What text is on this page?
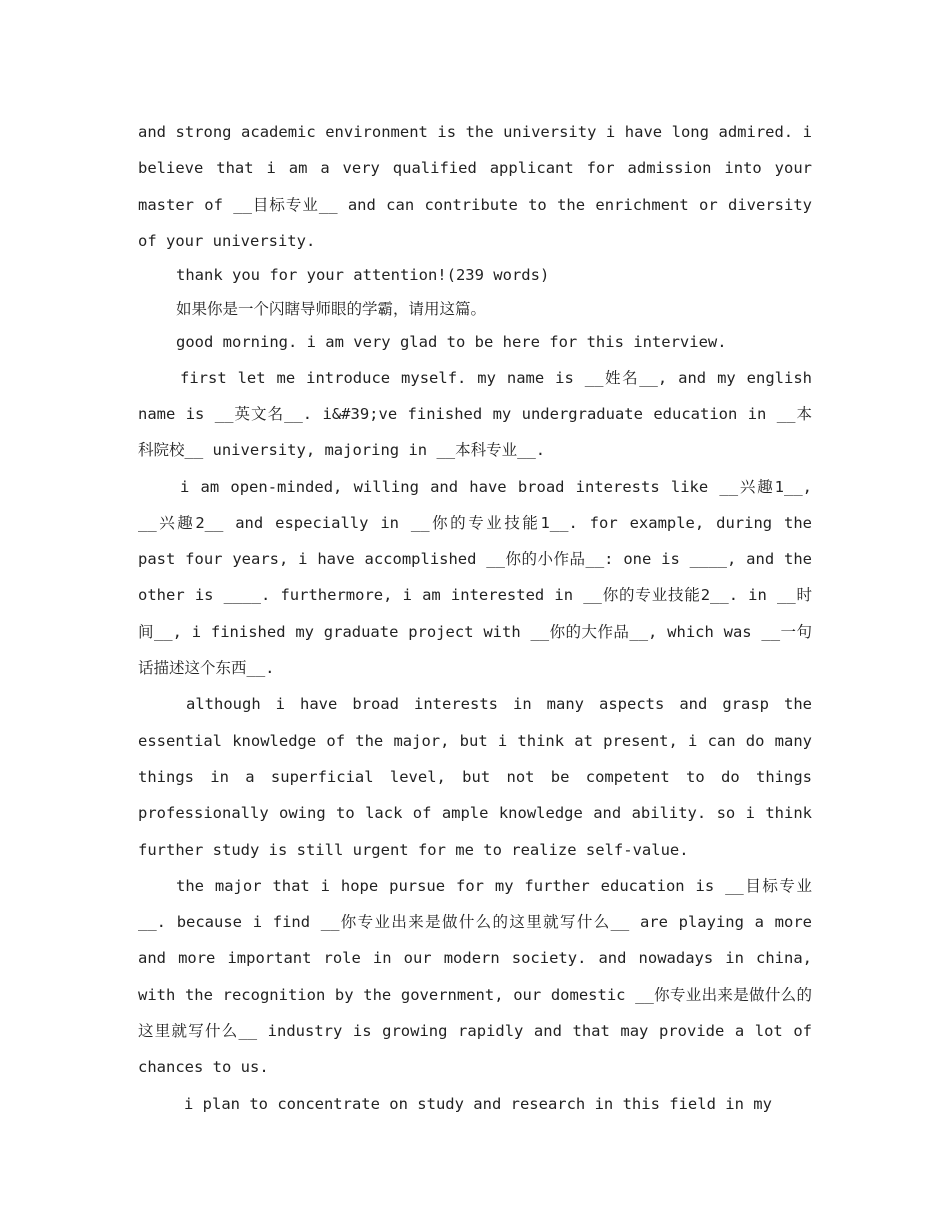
and strong academic environment is the university i have long admired. i believe that i am a very qualified applicant for admission into your master of __目标专业__ and can contribute to the enrichment or diversity of your university.

thank you for your attention!(239 words)

如果你是一个闪瞎导师眼的学霸，请用这篇。

good morning. i am very glad to be here for this interview.

first let me introduce myself. my name is __姓名__, and my english name is __英文名__. i&#39;ve finished my undergraduate education in __本科院校__ university, majoring in __本科专业__.

i am open-minded, willing and have broad interests like __兴趣1__, __兴趣2__ and especially in __你的专业技能1__. for example, during the past four years, i have accomplished __你的小作品__: one is ____, and the other is ____. furthermore, i am interested in __你的专业技能2__. in __时间__, i finished my graduate project with __你的大作品__, which was __一句话描述这个东西__.

although i have broad interests in many aspects and grasp the essential knowledge of the major, but i think at present, i can do many things in a superficial level, but not be competent to do things professionally owing to lack of ample knowledge and ability. so i think further study is still urgent for me to realize self-value.

the major that i hope pursue for my further education is __目标专业__. because i find __你专业出来是做什么的这里就写什么__ are playing a more and more important role in our modern society. and nowadays in china, with the recognition by the government, our domestic __你专业出来是做什么的这里就写什么__ industry is growing rapidly and that may provide a lot of chances to us.

i plan to concentrate on study and research in this field in my
